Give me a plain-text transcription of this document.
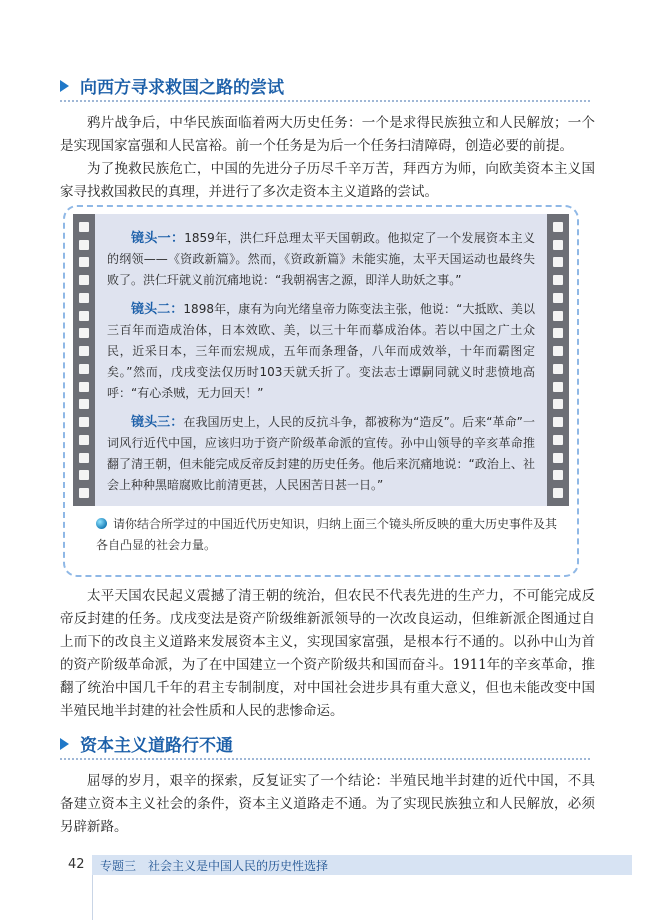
向西方寻求救国之路的尝试

鸦片战争后，中华民族面临着两大历史任务：一个是求得民族独立和人民解放；一个是实现国家富强和人民富裕。前一个任务是为后一个任务扫清障碍，创造必要的前提。

为了挽救民族危亡，中国的先进分子历尽千辛万苦，拜西方为师，向欧美资本主义国家寻找救国救民的真理，并进行了多次走资本主义道路的尝试。

镜头一：1859年，洪仁玕总理太平天国朝政。他拟定了一个发展资本主义的纲领——《资政新篇》。然而，《资政新篇》未能实施，太平天国运动也最终失败了。洪仁玕就义前沉痛地说：“我朝祸害之源，即洋人助妖之事。”

镜头二：1898年，康有为向光绪皇帝力陈变法主张，他说：“大抵欧、美以三百年而造成治体，日本效欧、美，以三十年而摹成治体。若以中国之广土众民，近采日本，三年而宏规成，五年而条理备，八年而成效举，十年而霸图定矣。”然而，戊戌变法仅历时103天就夭折了。变法志士谭嗣同就义时悲愤地高呼：“有心杀贼，无力回天！”

镜头三：在我国历史上，人民的反抗斗争，都被称为“造反”。后来“革命”一词风行近代中国，应该归功于资产阶级革命派的宣传。孙中山领导的辛亥革命推翻了清王朝，但未能完成反帝反封建的历史任务。他后来沉痛地说：“政治上、社会上种种黑暗腐败比前清更甚，人民困苦日甚一日。”

请你结合所学过的中国近代历史知识，归纳上面三个镜头所反映的重大历史事件及其各自凸显的社会力量。

太平天国农民起义震撼了清王朝的统治，但农民不代表先进的生产力，不可能完成反帝反封建的任务。戊戌变法是资产阶级维新派领导的一次改良运动，但维新派企图通过自上而下的改良主义道路来发展资本主义，实现国家富强，是根本行不通的。以孙中山为首的资产阶级革命派，为了在中国建立一个资产阶级共和国而奋斗。1911年的辛亥革命，推翻了统治中国几千年的君主专制制度，对中国社会进步具有重大意义，但也未能改变中国半殖民地半封建的社会性质和人民的悲惨命运。

资本主义道路行不通

屈辱的岁月，艰辛的探索，反复证实了一个结论：半殖民地半封建的近代中国，不具备建立资本主义社会的条件，资本主义道路走不通。为了实现民族独立和人民解放，必须另辟新路。

42 专题三　社会主义是中国人民的历史性选择
